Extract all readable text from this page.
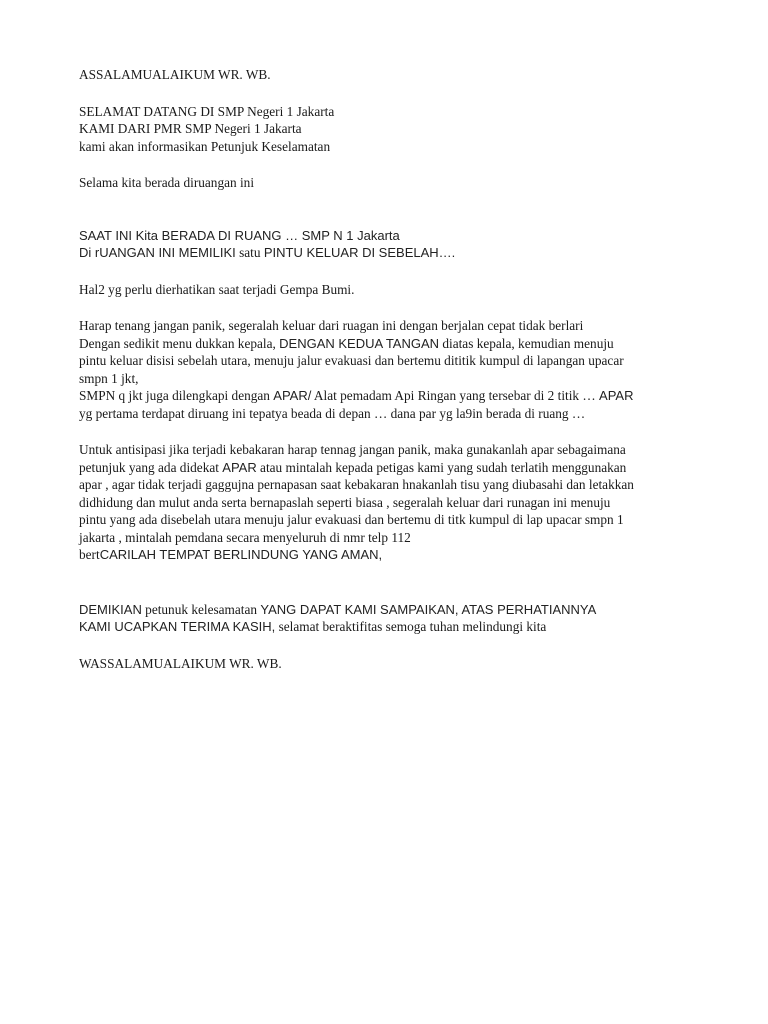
ASSALAMUALAIKUM WR. WB.

SELAMAT DATANG DI SMP Negeri 1 Jakarta

KAMI DARI PMR SMP Negeri 1 Jakarta

kami akan informasikan Petunjuk Keselamatan

Selama kita berada diruangan ini

SAAT INI Kita BERADA DI RUANG … SMP N 1 Jakarta

Di rUANGAN INI MEMILIKI satu PINTU KELUAR DI SEBELAH….

Hal2 yg perlu dierhatikan saat terjadi Gempa Bumi.

Harap tenang jangan panik, segeralah keluar dari ruagan ini dengan berjalan cepat tidak berlari

Dengan sedikit menu dukkan kepala, DENGAN KEDUA TANGAN diatas kepala, kemudian menuju

pintu keluar disisi sebelah utara, menuju jalur evakuasi dan bertemu dititik kumpul di lapangan upacar

smpn 1 jkt,

SMPN q jkt juga dilengkapi dengan APAR/ Alat pemadam Api Ringan yang tersebar di 2 titik … APAR

yg pertama terdapat diruang ini tepatya beada di depan … dana par yg la9in berada di ruang …

Untuk antisipasi jika terjadi kebakaran harap tennag jangan panik, maka gunakanlah apar sebagaimana

petunjuk yang ada didekat APAR atau mintalah kepada petigas kami yang sudah terlatih menggunakan

apar , agar tidak terjadi gaggujna pernapasan saat kebakaran hnakanlah tisu yang diubasahi dan letakkan

didhidung dan mulut anda serta bernapaslah seperti biasa , segeralah keluar dari runagan ini menuju

pintu yang ada disebelah utara menuju jalur evakuasi dan bertemu di titk kumpul di lap upacar smpn 1

jakarta , mintalah pemdana secara menyeluruh di nmr telp 112

bertCARILAH TEMPAT BERLINDUNG YANG AMAN,

DEMIKIAN petunuk kelesamatan YANG DAPAT KAMI SAMPAIKAN, ATAS PERHATIANNYA

KAMI UCAPKAN TERIMA KASIH, selamat beraktifitas semoga tuhan melindungi kita

WASSALAMUALAIKUM WR. WB.
